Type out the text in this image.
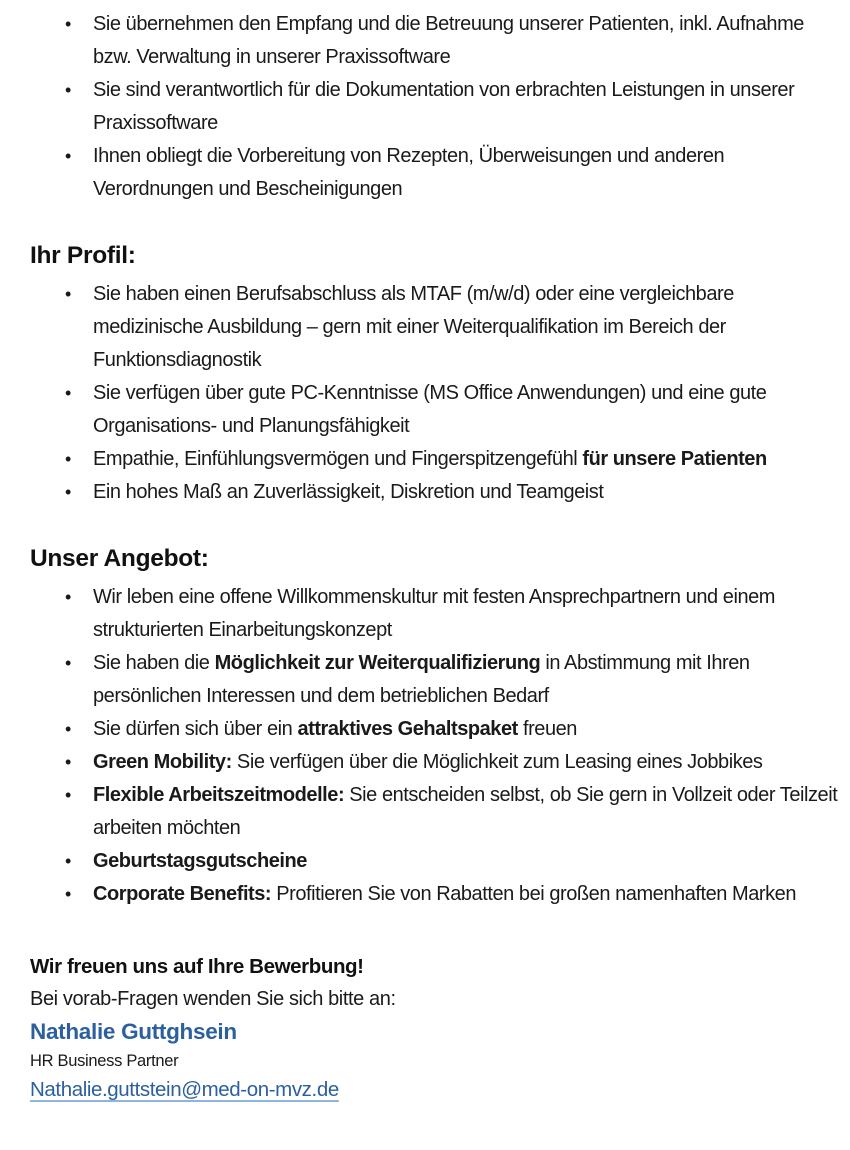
• Sie übernehmen den Empfang und die Betreuung unserer Patienten, inkl. Aufnahme bzw. Verwaltung in unserer Praxissoftware
• Sie sind verantwortlich für die Dokumentation von erbrachten Leistungen in unserer Praxissoftware
• Ihnen obliegt die Vorbereitung von Rezepten, Überweisungen und anderen Verordnungen und Bescheinigungen
Ihr Profil:
• Sie haben einen Berufsabschluss als MTAF (m/w/d) oder eine vergleichbare medizinische Ausbildung – gern mit einer Weiterqualifikation im Bereich der Funktionsdiagnostik
• Sie verfügen über gute PC-Kenntnisse (MS Office Anwendungen) und eine gute Organisations- und Planungsfähigkeit
• Empathie, Einfühlungsvermögen und Fingerspitzengefühl für unsere Patienten
• Ein hohes Maß an Zuverlässigkeit, Diskretion und Teamgeist
Unser Angebot:
• Wir leben eine offene Willkommenskultur mit festen Ansprechpartnern und einem strukturierten Einarbeitungskonzept
• Sie haben die Möglichkeit zur Weiterqualifizierung in Abstimmung mit Ihren persönlichen Interessen und dem betrieblichen Bedarf
• Sie dürfen sich über ein attraktives Gehaltspaket freuen
• Green Mobility: Sie verfügen über die Möglichkeit zum Leasing eines Jobbikes
• Flexible Arbeitszeitmodelle: Sie entscheiden selbst, ob Sie gern in Vollzeit oder Teilzeit arbeiten möchten
• Geburtstagsgutscheine
• Corporate Benefits: Profitieren Sie von Rabatten bei großen namenhaften Marken

Wir freuen uns auf Ihre Bewerbung!

Bei vorab-Fragen wenden Sie sich bitte an:

Nathalie Guttghsein

HR Business Partner

Nathalie.guttstein@med-on-mvz.de
